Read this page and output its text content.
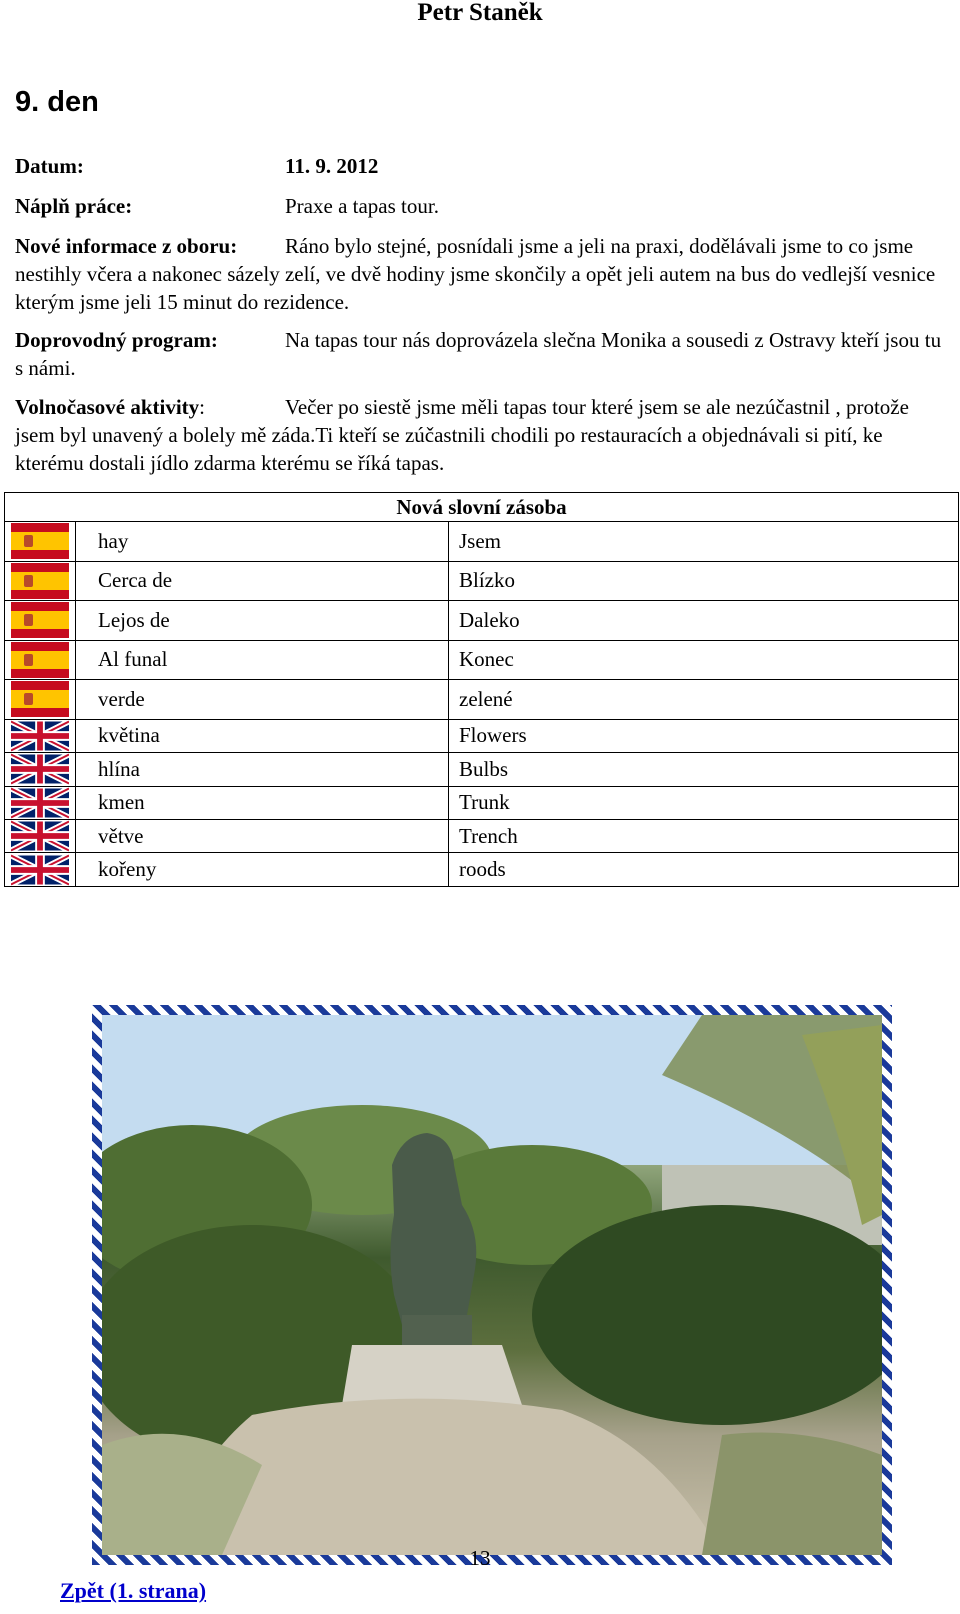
Petr Staněk
9. den
Datum:	11. 9. 2012
Náplň práce:	Praxe a tapas tour.
Nové informace z oboru: Ráno bylo stejné, posnídali jsme a jeli na praxi, dodělávali jsme to co jsme nestihly včera a nakonec sázely zelí, ve dvě hodiny jsme skončily a opět jeli autem na bus do vedlejší vesnice kterým jsme jeli 15 minut do rezidence.
Doprovodný program:	Na tapas tour nás doprovázela slečna Monika a sousedi z Ostravy kteří jsou tu s námi.
Volnočasové aktivity:	Večer po siestě jsme měli tapas tour které jsem se ale nezúčastnil , protože jsem byl unavený a bolely mě záda.Ti kteří se zúčastnili chodili po restauracích a objednávali si pití, ke kterému dostali jídlo zdarma kterému se říká tapas.
Nová slovní zásoba		

	hay	Jsem

	Cerca de	Blízko

	Lejos de	Daleko

	Al funal	Konec

	verde	zelené

	květina	Flowers

	hlína	Bulbs

	kmen	Trunk

	větve	Trench

	kořeny	roods
13
Zpět (1. strana)
